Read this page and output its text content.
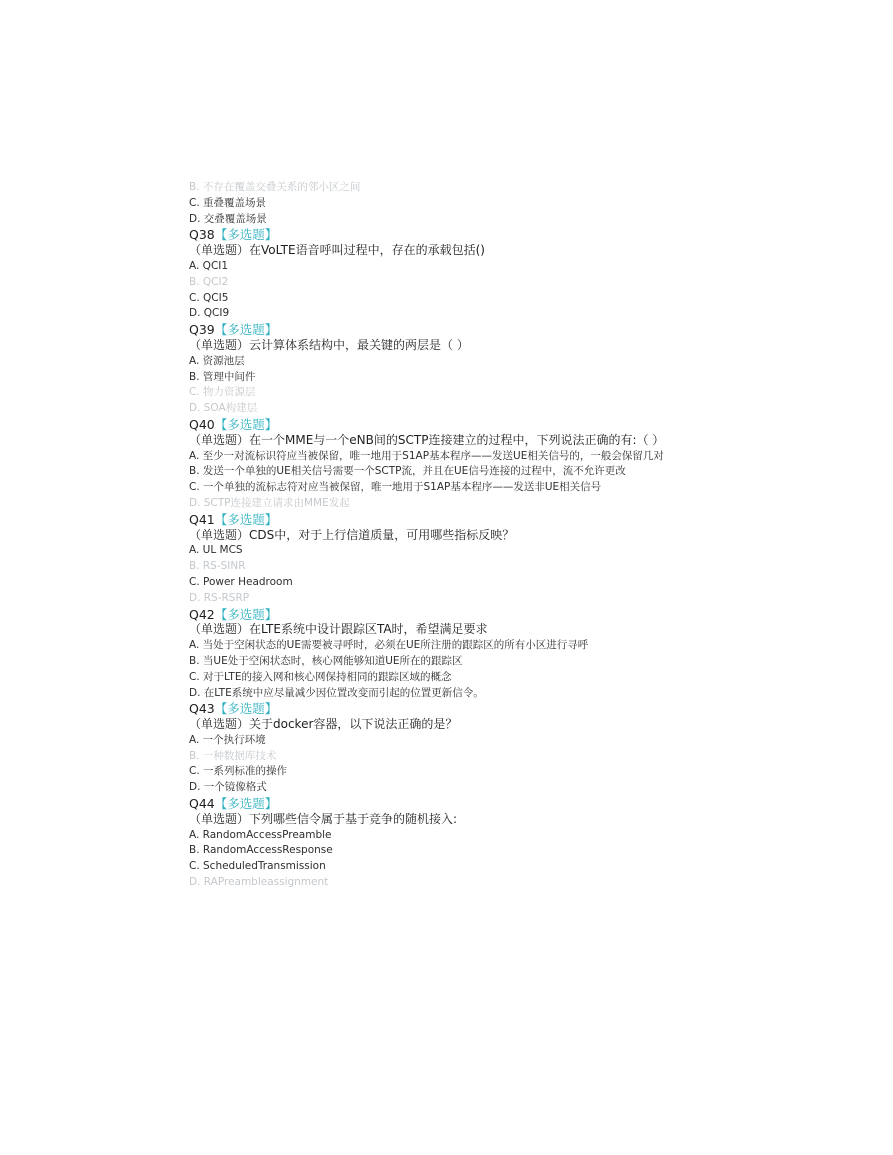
B. 不存在覆盖交叠关系的邻小区之间
C. 重叠覆盖场景
D. 交叠覆盖场景
Q38【多选题】
（单选题）在VoLTE语音呼叫过程中，存在的承载包括()
A. QCI1
B. QCI2
C. QCI5
D. QCI9
Q39【多选题】
（单选题）云计算体系结构中，最关键的两层是（ ）
A. 资源池层
B. 管理中间件
C. 物力资源层
D. SOA构建层
Q40【多选题】
（单选题）在一个MME与一个eNB间的SCTP连接建立的过程中，下列说法正确的有:（ ）
A. 至少一对流标识符应当被保留，唯一地用于S1AP基本程序——发送UE相关信号的，一般会保留几对
B. 发送一个单独的UE相关信号需要一个SCTP流，并且在UE信号连接的过程中，流不允许更改
C. 一个单独的流标志符对应当被保留，唯一地用于S1AP基本程序——发送非UE相关信号
D. SCTP连接建立请求由MME发起
Q41【多选题】
（单选题）CDS中，对于上行信道质量，可用哪些指标反映？
A. UL MCS
B. RS-SINR
C. Power Headroom
D. RS-RSRP
Q42【多选题】
（单选题）在LTE系统中设计跟踪区TA时，希望满足要求
A. 当处于空闲状态的UE需要被寻呼时，必须在UE所注册的跟踪区的所有小区进行寻呼
B. 当UE处于空闲状态时，核心网能够知道UE所在的跟踪区
C. 对于LTE的接入网和核心网保持相同的跟踪区域的概念
D. 在LTE系统中应尽量减少因位置改变而引起的位置更新信令。
Q43【多选题】
（单选题）关于docker容器，以下说法正确的是？
A. 一个执行环境
B. 一种数据库技术
C. 一系列标准的操作
D. 一个镜像格式
Q44【多选题】
（单选题）下列哪些信令属于基于竞争的随机接入:
A. RandomAccessPreamble
B. RandomAccessResponse
C. ScheduledTransmission
D. RAPreambleassignment
